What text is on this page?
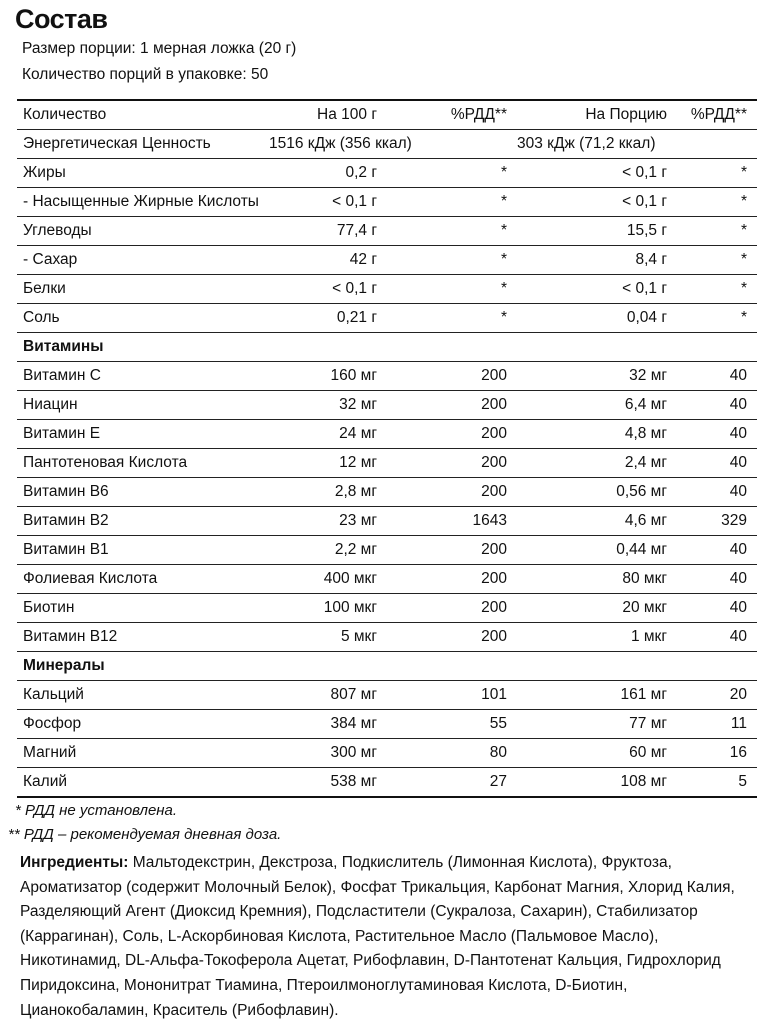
Состав
Размер порции: 1 мерная ложка (20 г)
Количество порций в упаковке: 50
Количество	На 100 г	%РДД**	На Порцию	%РДД**
Энергетическая Ценность	1516 кДж (356 ккал)		303 кДж (71,2 ккал)	
Жиры	0,2 г	*	< 0,1 г	*
- Насыщенные Жирные Кислоты	< 0,1 г	*	< 0,1 г	*
Углеводы	77,4 г	*	15,5 г	*
- Сахар	42 г	*	8,4 г	*
Белки	< 0,1 г	*	< 0,1 г	*
Соль	0,21 г	*	0,04 г	*
Витамины				
Витамин С	160 мг	200	32 мг	40
Ниацин	32 мг	200	6,4 мг	40
Витамин Е	24 мг	200	4,8 мг	40
Пантотеновая Кислота	12 мг	200	2,4 мг	40
Витамин В6	2,8 мг	200	0,56 мг	40
Витамин В2	23 мг	1643	4,6 мг	329
Витамин В1	2,2 мг	200	0,44 мг	40
Фолиевая Кислота	400 мкг	200	80 мкг	40
Биотин	100 мкг	200	20 мкг	40
Витамин В12	5 мкг	200	1 мкг	40
Минералы				
Кальций	807 мг	101	161 мг	20
Фосфор	384 мг	55	77 мг	11
Магний	300 мг	80	60 мг	16
Калий	538 мг	27	108 мг	5
* РДД не установлена.
** РДД – рекомендуемая дневная доза.
Ингредиенты: Мальтодекстрин, Декстроза, Подкислитель (Лимонная Кислота), Фруктоза, Ароматизатор (содержит Молочный Белок), Фосфат Трикальция, Карбонат Магния, Хлорид Калия, Разделяющий Агент (Диоксид Кремния), Подсластители (Сукралоза, Сахарин), Стабилизатор (Каррагинан), Соль, L-Аскорбиновая Кислота, Растительное Масло (Пальмовое Масло), Никотинамид, DL-Альфа-Токоферола Ацетат, Рибофлавин, D-Пантотенат Кальция, Гидрохлорид Пиридоксина, Мононитрат Тиамина, Птероилмоноглутаминовая Кислота, D-Биотин, Цианокобаламин, Краситель (Рибофлавин).
